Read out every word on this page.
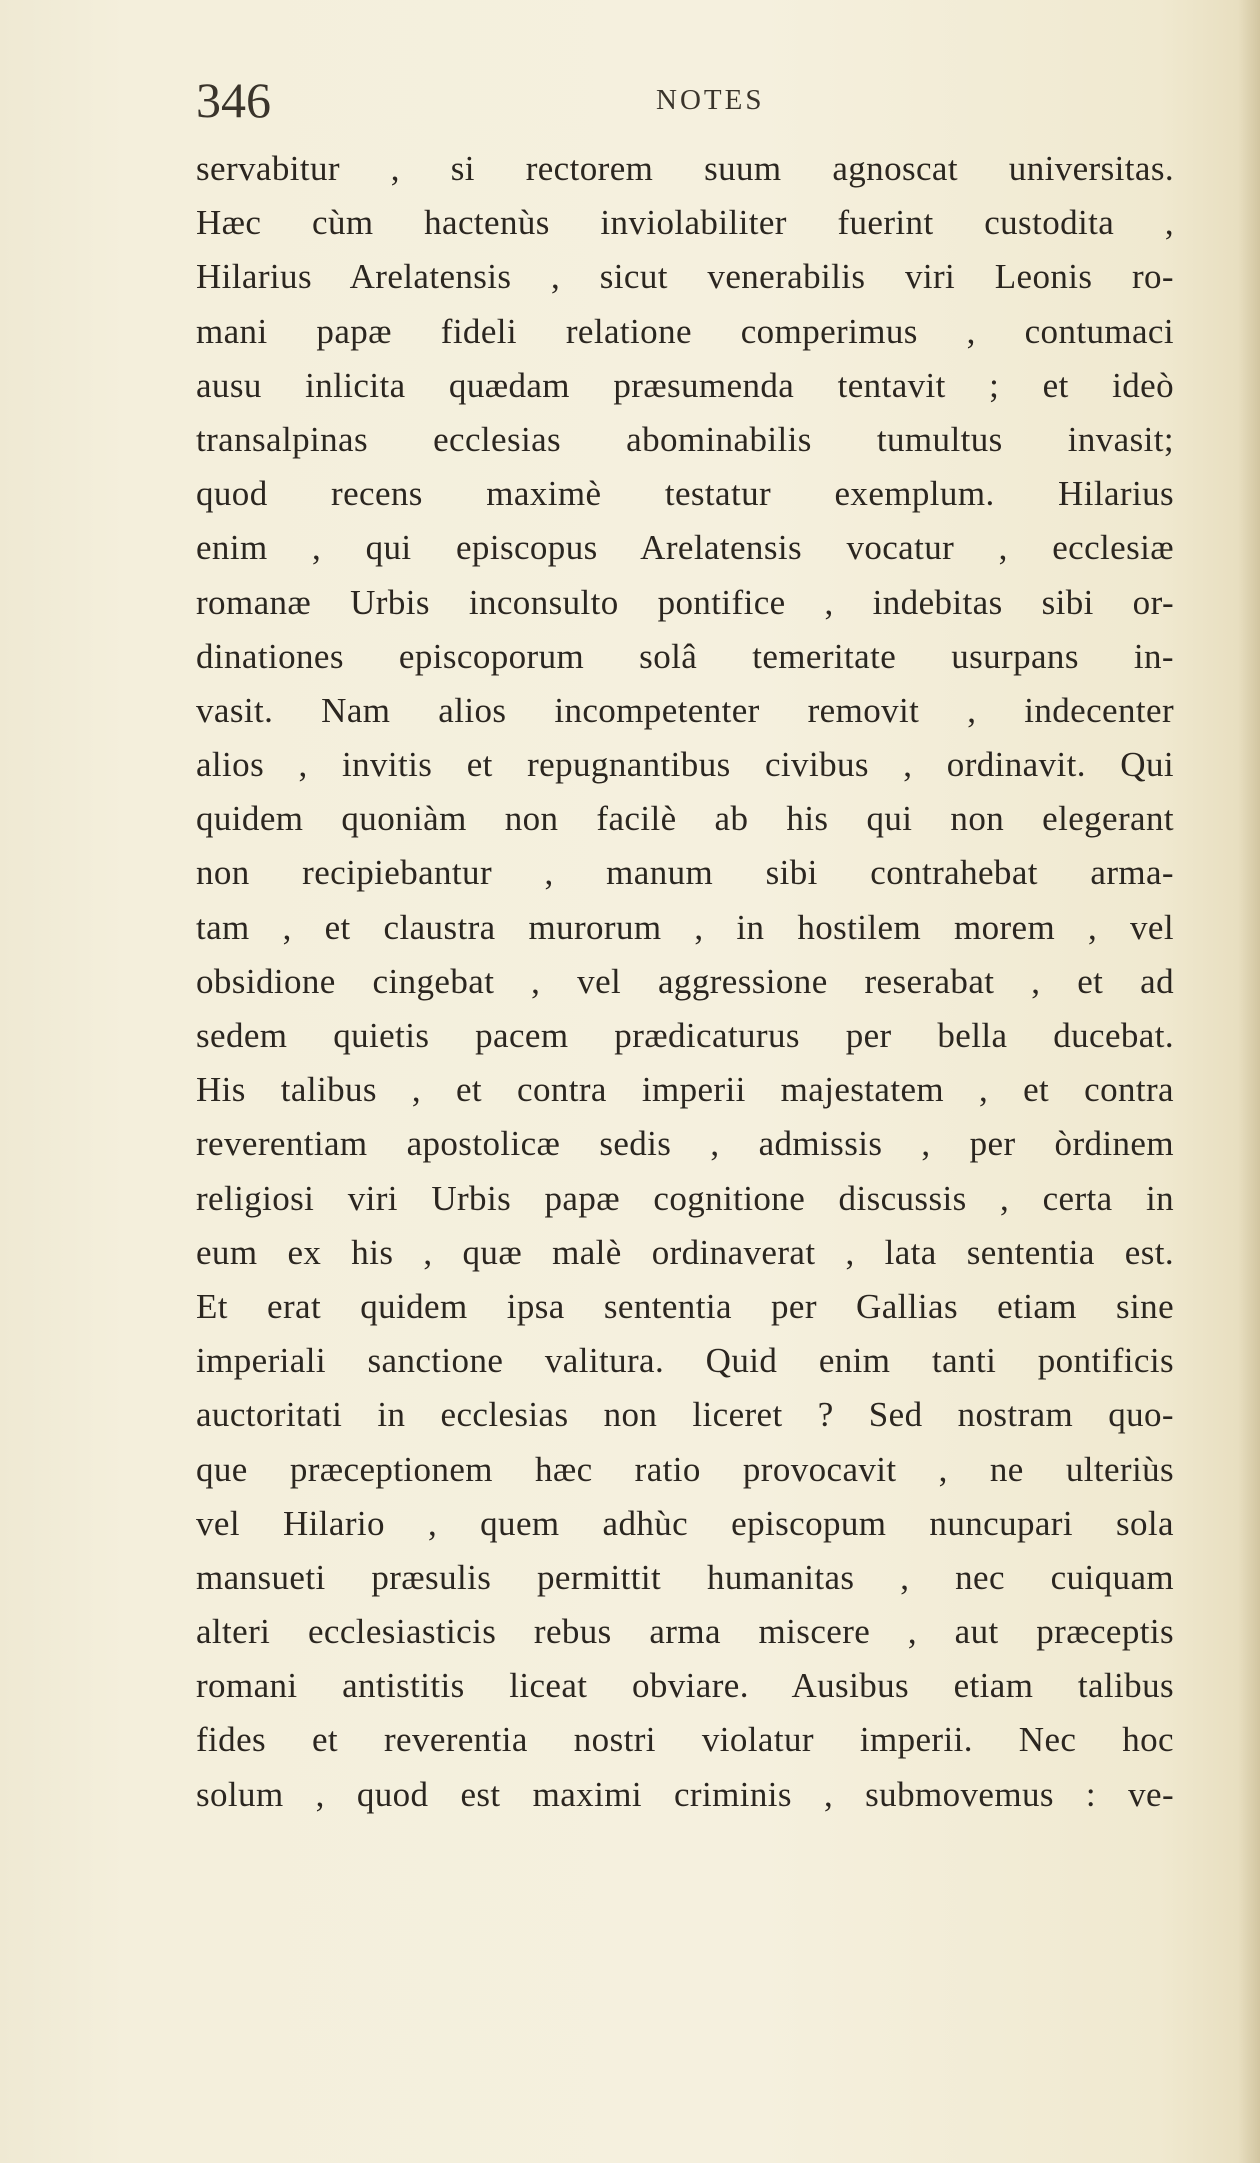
346	NOTES
servabitur , si rectorem suum agnoscat universitas.
Hæc cùm hactenùs inviolabiliter fuerint custodita ,
Hilarius Arelatensis , sicut venerabilis viri Leonis ro-
mani papæ fideli relatione comperimus , contumaci
ausu inlicita quædam præsumenda tentavit ; et ideò
transalpinas ecclesias abominabilis tumultus invasit;
quod recens maximè testatur exemplum. Hilarius
enim , qui episcopus Arelatensis vocatur , ecclesiæ
romanæ Urbis inconsulto pontifice , indebitas sibi or-
dinationes episcoporum solâ temeritate usurpans in-
vasit. Nam alios incompetenter removit , indecenter
alios , invitis et repugnantibus civibus , ordinavit. Qui
quidem quoniàm non facilè ab his qui non elegerant
non recipiebantur , manum sibi contrahebat arma-
tam , et claustra murorum , in hostilem morem , vel
obsidione cingebat , vel aggressione reserabat , et ad
sedem quietis pacem prædicaturus per bella ducebat.
His talibus , et contra imperii majestatem , et contra
reverentiam apostolicæ sedis , admissis , per òrdinem
religiosi viri Urbis papæ cognitione discussis , certa in
eum ex his , quæ malè ordinaverat , lata sententia est.
Et erat quidem ipsa sententia per Gallias etiam sine
imperiali sanctione valitura. Quid enim tanti pontificis
auctoritati in ecclesias non liceret ? Sed nostram quo-
que præceptionem hæc ratio provocavit , ne ulteriùs
vel Hilario , quem adhùc episcopum nuncupari sola
mansueti præsulis permittit humanitas , nec cuiquam
alteri ecclesiasticis rebus arma miscere , aut præceptis
romani antistitis liceat obviare. Ausibus etiam talibus
fides et reverentia nostri violatur imperii. Nec hoc
solum , quod est maximi criminis , submovemus : ve-
